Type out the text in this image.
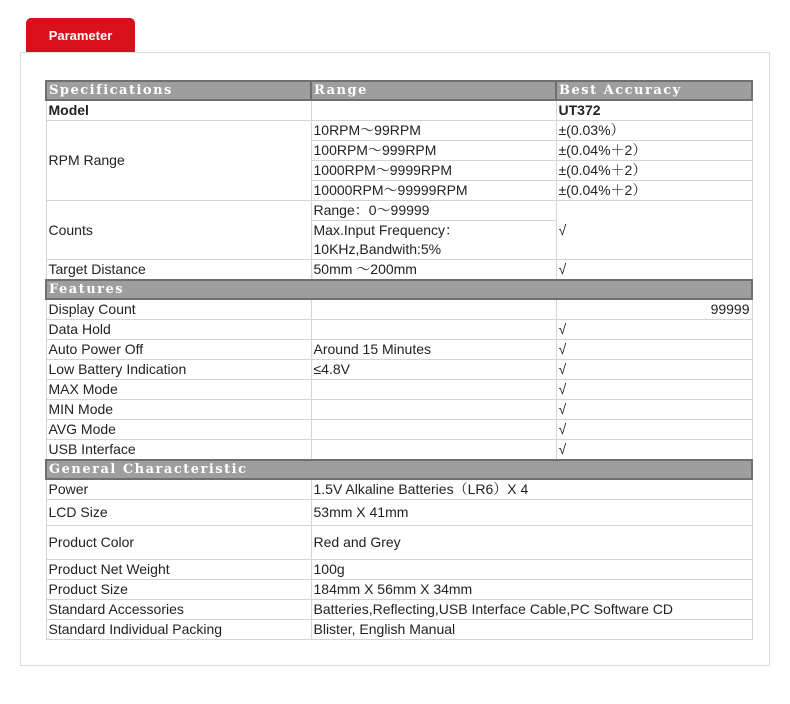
Parameter
Specifications	Range	Best Accuracy
Model		UT372
RPM Range	10RPM～99RPM	±(0.03%）
	100RPM～999RPM	±(0.04%＋2）
	1000RPM～9999RPM	±(0.04%＋2）
	10000RPM～99999RPM	±(0.04%＋2）
Counts	Range：0～99999	√
	Max.Input Frequency：	
	10KHz,Bandwith:5%	
Target Distance	50mm ～200mm	√
Features		
Display Count		99999
Data Hold		√
Auto Power Off	Around 15 Minutes	√
Low Battery Indication	≤4.8V	√
MAX Mode		√
MIN Mode		√
AVG Mode		√
USB Interface		√
General Characteristic		
Power	1.5V Alkaline Batteries（LR6）X 4	
LCD Size	53mm X 41mm	
Product Color	Red and Grey	
Product Net Weight	100g	
Product Size	184mm X 56mm X 34mm	
Standard Accessories	Batteries,Reflecting,USB Interface Cable,PC Software CD	
Standard Individual Packing	Blister, English Manual	
